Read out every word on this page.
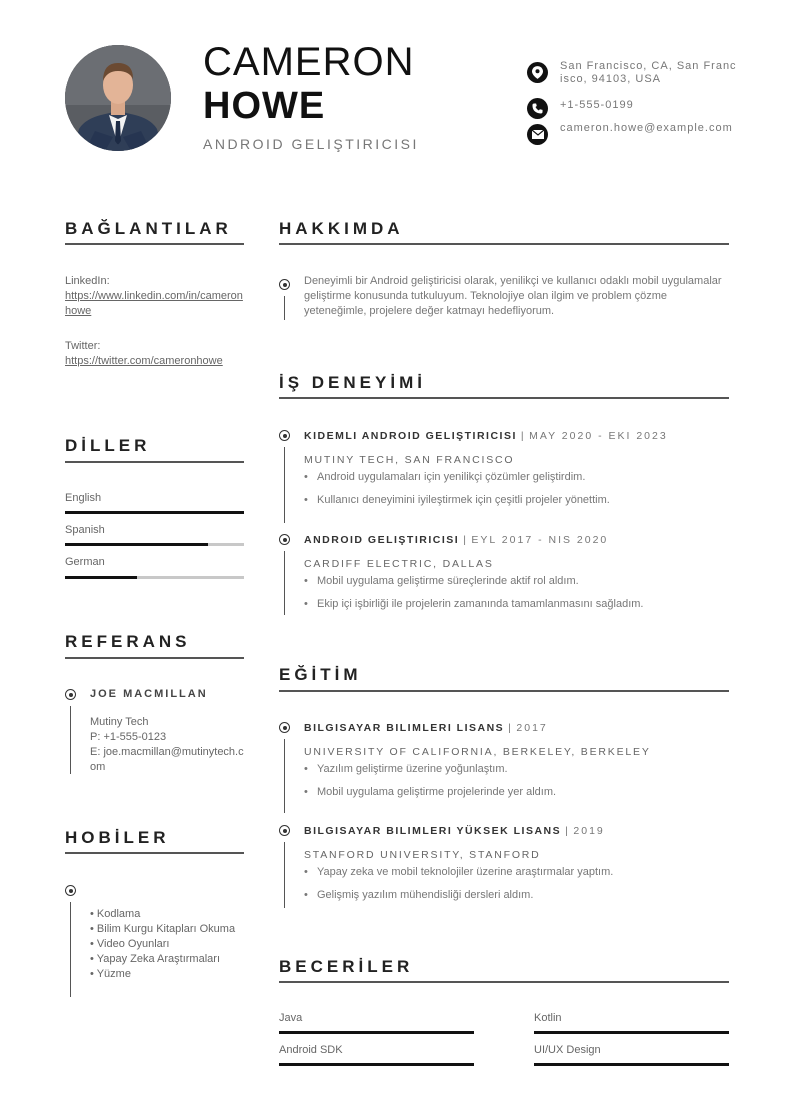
CAMERON
HOWE
ANDROID GELIŞTIRICISI
San Francisco, CA, San Francisco, 94103, USA
+1-555-0199
cameron.howe@example.com
BAĞLANTILAR
LinkedIn:
https://www.linkedin.com/in/cameronhowe
Twitter:
https://twitter.com/cameronhowe
DİLLER
English
Spanish
German
REFERANS
JOE MACMILLAN
Mutiny Tech
P: +1-555-0123
E: joe.macmillan@mutinytech.com
HOBİLER
• Kodlama
• Bilim Kurgu Kitapları Okuma
• Video Oyunları
• Yapay Zeka Araştırmaları
• Yüzme
HAKKIMDA
Deneyimli bir Android geliştiricisi olarak, yenilikçi ve kullanıcı odaklı mobil uygulamalar geliştirme konusunda tutkuluyum. Teknolojiye olan ilgim ve problem çözme yeteneğimle, projelere değer katmayı hedefliyorum.
İŞ DENEYİMİ
KIDEMLI ANDROID GELIŞTIRICISI | MAY 2020 - EKI 2023
MUTINY TECH, SAN FRANCISCO
• Android uygulamaları için yenilikçi çözümler geliştirdim.
• Kullanıcı deneyimini iyileştirmek için çeşitli projeler yönettim.
ANDROID GELIŞTIRICISI | EYL 2017 - NIS 2020
CARDIFF ELECTRIC, DALLAS
• Mobil uygulama geliştirme süreçlerinde aktif rol aldım.
• Ekip içi işbirliği ile projelerin zamanında tamamlanmasını sağladım.
EĞİTİM
BILGISAYAR BILIMLERI LISANS | 2017
UNIVERSITY OF CALIFORNIA, BERKELEY, BERKELEY
• Yazılım geliştirme üzerine yoğunlaştım.
• Mobil uygulama geliştirme projelerinde yer aldım.
BILGISAYAR BILIMLERI YÜKSEK LISANS | 2019
STANFORD UNIVERSITY, STANFORD
• Yapay zeka ve mobil teknolojiler üzerine araştırmalar yaptım.
• Gelişmiş yazılım mühendisliği dersleri aldım.
BECERİLER
Java	Kotlin
Android SDK	UI/UX Design
